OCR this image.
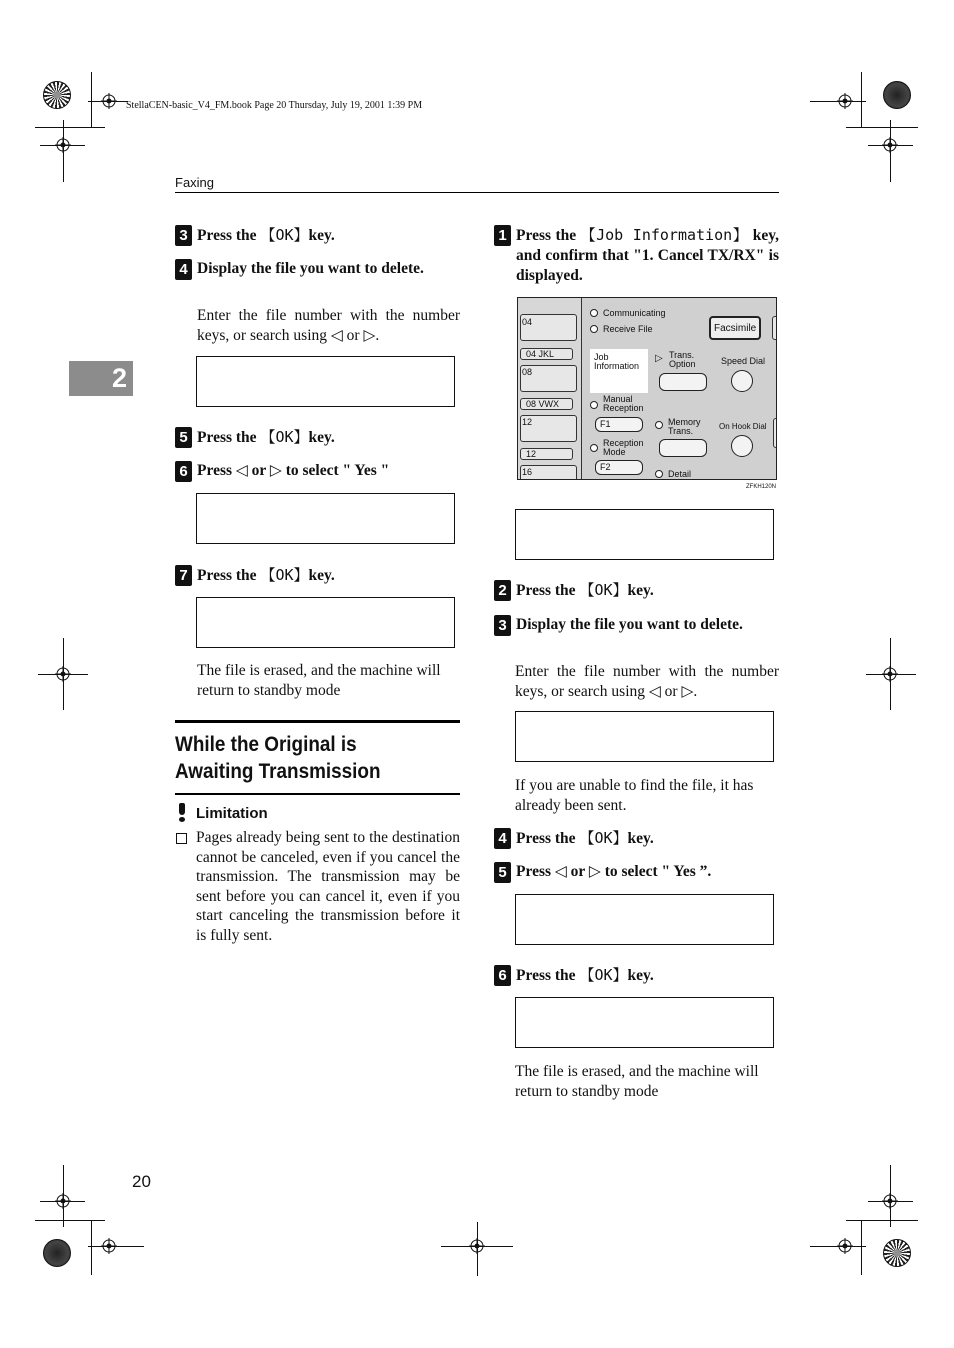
StellaCEN-basic_V4_FM.book Page 20 Thursday, July 19, 2001 1:39 PM
Faxing
2
3 Press the 【OK】key.
4 Display the file you want to delete.
Enter the file number with the number keys, or search using ◁ or ▷.

5 Press the 【OK】key.
6 Press ◁ or ▷ to select " Yes "

7 Press the 【OK】key.

The file is erased, and the machine will return to standby mode
While the Original is Awaiting Transmission
Limitation
Pages already being sent to the destination cannot be canceled, even if you cancel the transmission. The transmission may be sent before you can cancel it, even if you start canceling the transmission before it is fully sent.
1 Press the 【Job Information】 key, and confirm that "1. Cancel TX/RX" is displayed.
04
04 JKL
08
08 VWX
12
12
16
Communicating
Receive File	Facsimile
Job
Information
▷ Trans.
Option	Speed Dial
Manual
Reception
F1	Memory
Trans.	On Hook Dial
Reception
Mode
F2
Detail
ZFKH120N

2 Press the 【OK】key.
3 Display the file you want to delete.
Enter the file number with the number keys, or search using ◁ or ▷.

If you are unable to find the file, it has already been sent.
4 Press the 【OK】key.
5 Press ◁ or ▷ to select " Yes ”.

6 Press the 【OK】key.

The file is erased, and the machine will return to standby mode
20
